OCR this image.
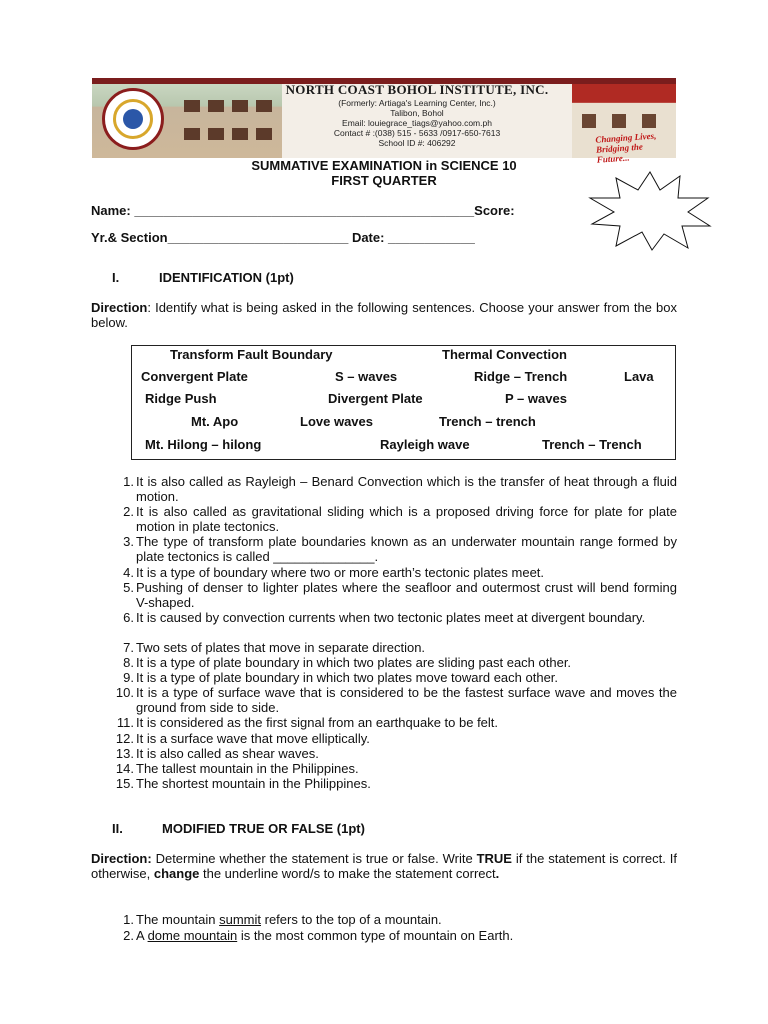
NORTH COAST BOHOL INSTITUTE, INC.
(Formerly: Artiaga's Learning Center, Inc.)
Talibon, Bohol
Email: louiegrace_tiags@yahoo.com.ph
Contact # :(038) 515 - 5633 /0917-650-7613
School ID #: 406292	Changing Lives,
Bridging the Future...
SUMMATIVE EXAMINATION in SCIENCE 10
FIRST QUARTER
Name: _______________________________________________Score:
Yr.& Section_________________________ Date: ____________
I.	IDENTIFICATION (1pt)
Direction: Identify what is being asked in the following sentences. Choose your answer from the box below.
Transform Fault Boundary	Thermal Convection
Convergent Plate	S – waves	Ridge – Trench	Lava
Ridge Push	Divergent Plate	P – waves
Mt. Apo	Love waves	Trench – trench
Mt. Hilong – hilong	Rayleigh wave	Trench – Trench
1. It is also called as Rayleigh – Benard Convection which is the transfer of heat through a fluid motion.
2. It is also called as gravitational sliding which is a proposed driving force for plate for plate motion in plate tectonics.
3. The type of transform plate boundaries known as an underwater mountain range formed by plate tectonics is called ______________.
4. It is a type of boundary where two or more earth’s tectonic plates meet.
5. Pushing of denser to lighter plates where the seafloor and outermost crust will bend forming V-shaped.
6. It is caused by convection currents when two tectonic plates meet at divergent boundary.
7. Two sets of plates that move in separate direction.
8. It is a type of plate boundary in which two plates are sliding past each other.
9. It is a type of plate boundary in which two plates move toward each other.
10. It is a type of surface wave that is considered to be the fastest surface wave and moves the ground from side to side.
11. It is considered as the first signal from an earthquake to be felt.
12. It is a surface wave that move elliptically.
13. It is also called as shear waves.
14. The tallest mountain in the Philippines.
15. The shortest mountain in the Philippines.
II.	MODIFIED TRUE OR FALSE (1pt)
Direction: Determine whether the statement is true or false. Write TRUE if the statement is correct. If otherwise, change the underline word/s to make the statement correct.
1. The mountain summit refers to the top of a mountain.
2. A dome mountain is the most common type of mountain on Earth.
